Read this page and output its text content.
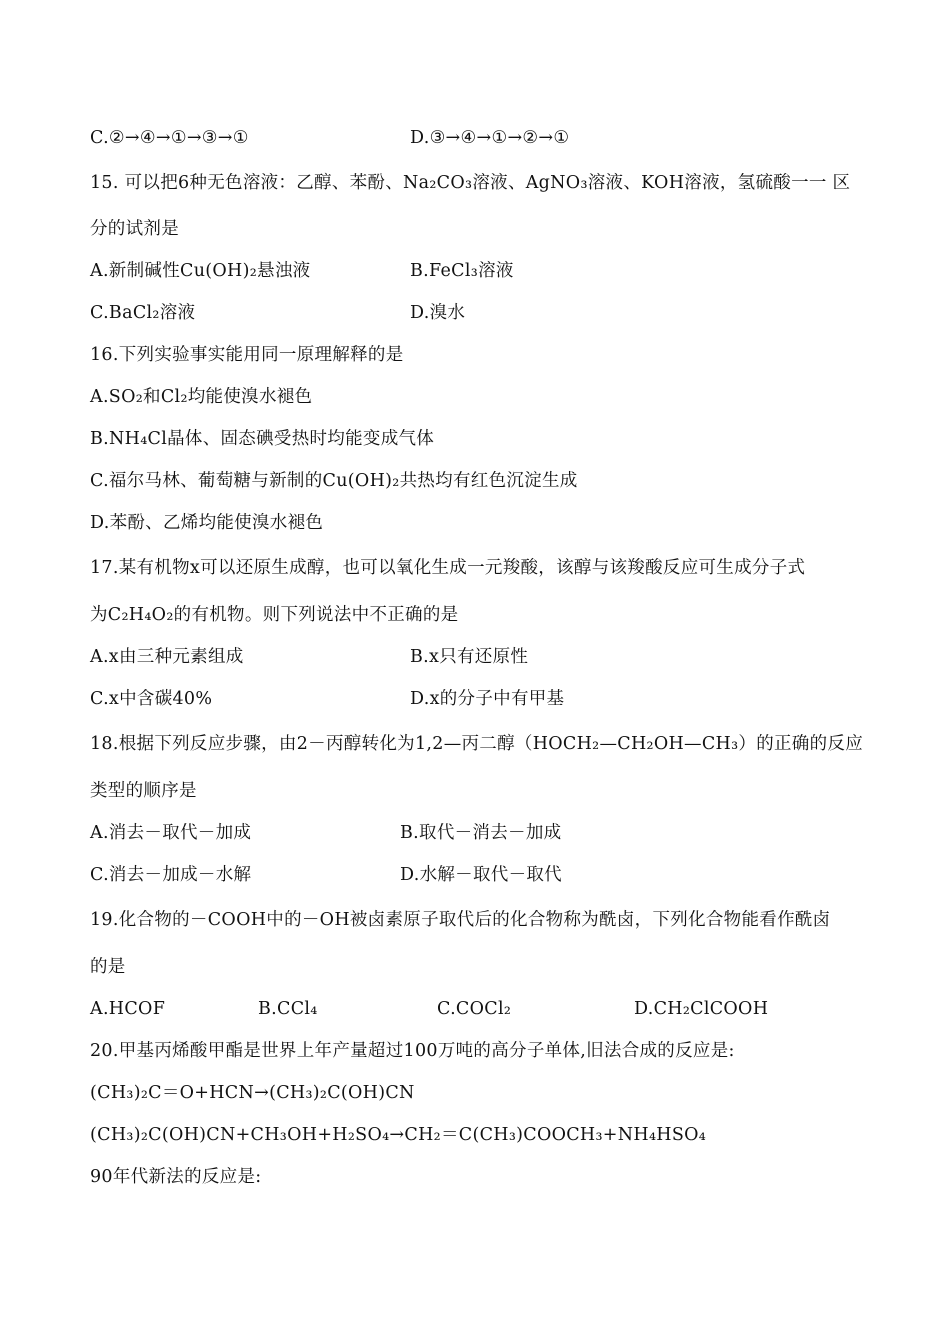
C.②→④→①→③→①	D.③→④→①→②→①
15. 可以把6种无色溶液：乙醇、苯酚、Na₂CO₃溶液、AgNO₃溶液、KOH溶液，氢硫酸一一 区
分的试剂是
A.新制碱性Cu(OH)₂悬浊液	B.FeCl₃溶液
C.BaCl₂溶液	D.溴水
16.下列实验事实能用同一原理解释的是
A.SO₂和Cl₂均能使溴水褪色
B.NH₄Cl晶体、固态碘受热时均能变成气体
C.福尔马林、葡萄糖与新制的Cu(OH)₂共热均有红色沉淀生成
D.苯酚、乙烯均能使溴水褪色
17.某有机物x可以还原生成醇，也可以氧化生成一元羧酸，该醇与该羧酸反应可生成分子式
为C₂H₄O₂的有机物。则下列说法中不正确的是
A.x由三种元素组成	B.x只有还原性
C.x中含碳40%	D.x的分子中有甲基
18.根据下列反应步骤，由2－丙醇转化为1,2—丙二醇（HOCH₂—CH₂OH—CH₃）的正确的反应
类型的顺序是
A.消去－取代－加成	B.取代－消去－加成
C.消去－加成－水解	D.水解－取代－取代
19.化合物的－COOH中的－OH被卤素原子取代后的化合物称为酰卤，下列化合物能看作酰卤
的是
A.HCOF	B.CCl₄	C.COCl₂	D.CH₂ClCOOH
20.甲基丙烯酸甲酯是世界上年产量超过100万吨的高分子单体,旧法合成的反应是:
(CH₃)₂C＝O+HCN→(CH₃)₂C(OH)CN
(CH₃)₂C(OH)CN+CH₃OH+H₂SO₄→CH₂＝C(CH₃)COOCH₃+NH₄HSO₄
90年代新法的反应是:
